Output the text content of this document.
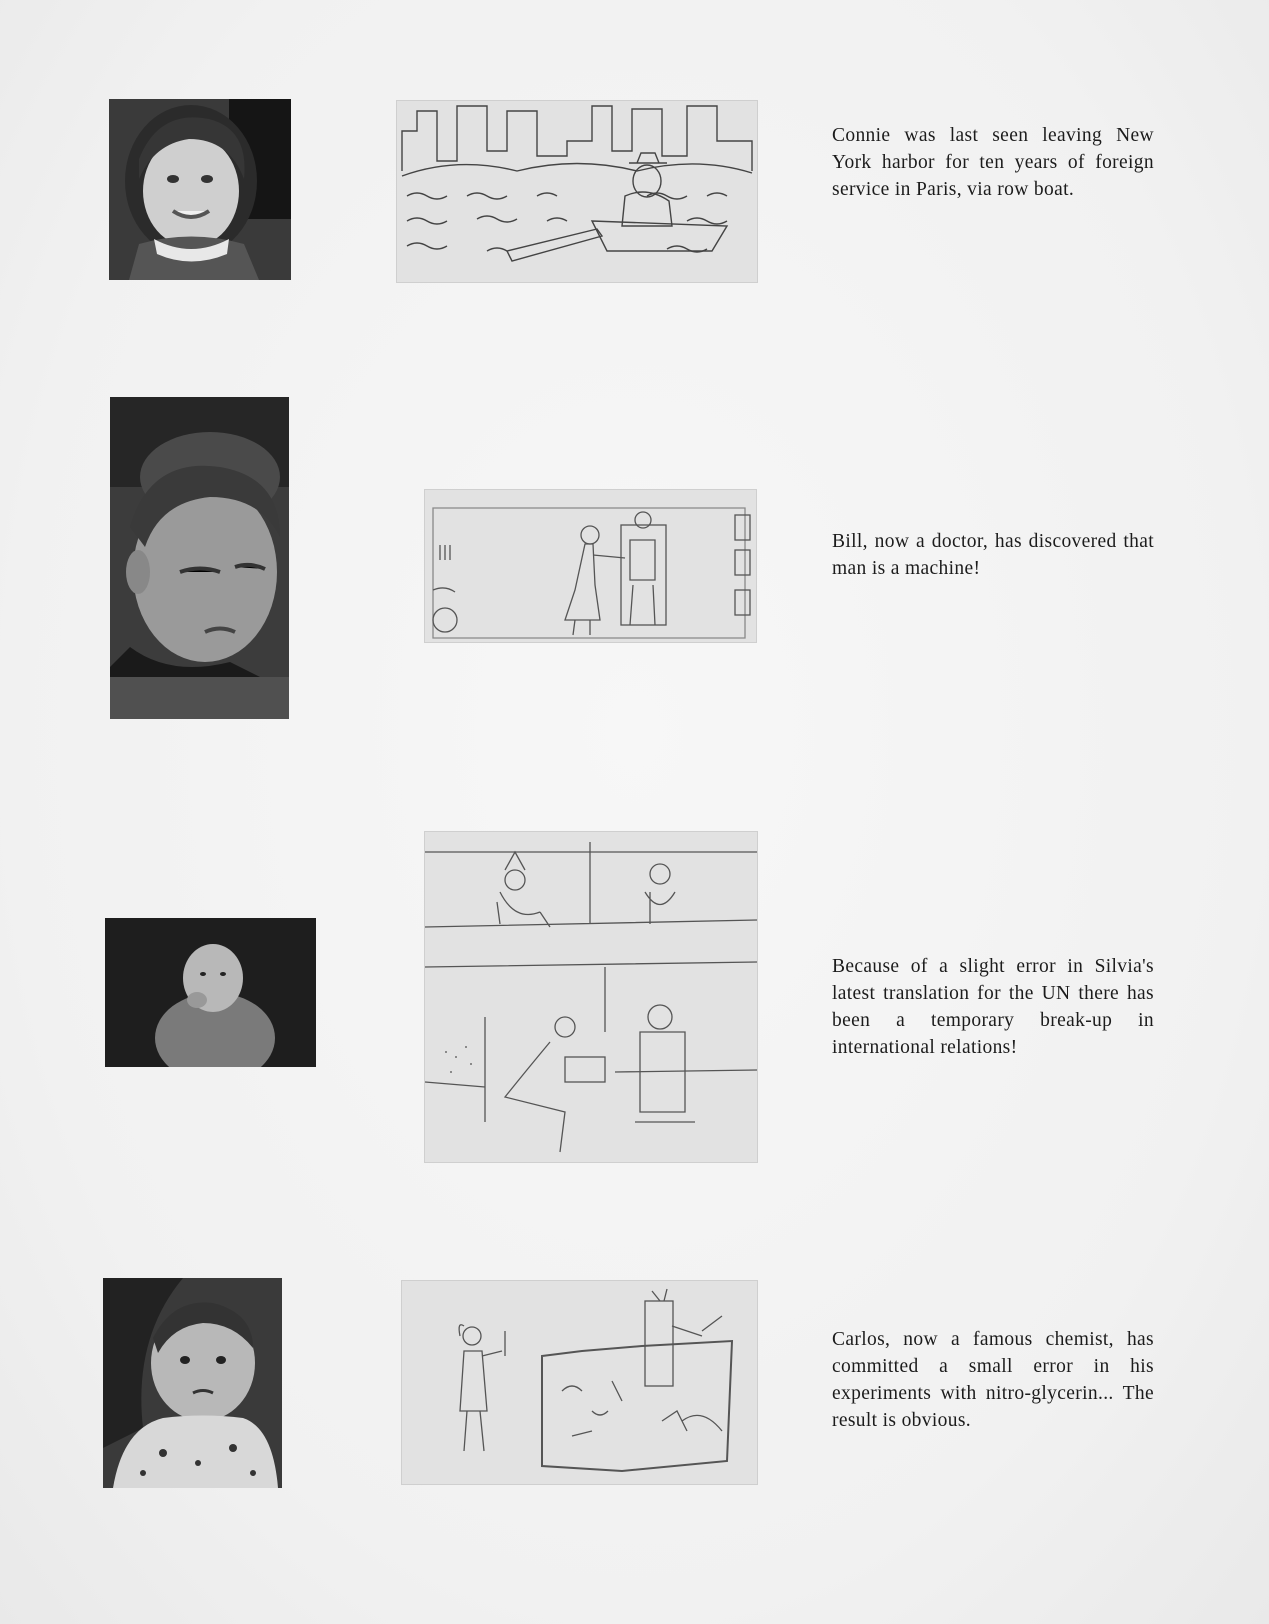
Connie was last seen leaving New York harbor for ten years of foreign service in Paris, via row boat.
Bill, now a doctor, has discovered that man is a machine!
Because of a slight error in Silvia's latest translation for the UN there has been a temporary break-up in international relations!
Carlos, now a famous chemist, has committed a small error in his experiments with nitro-glycerin... The result is obvious.
